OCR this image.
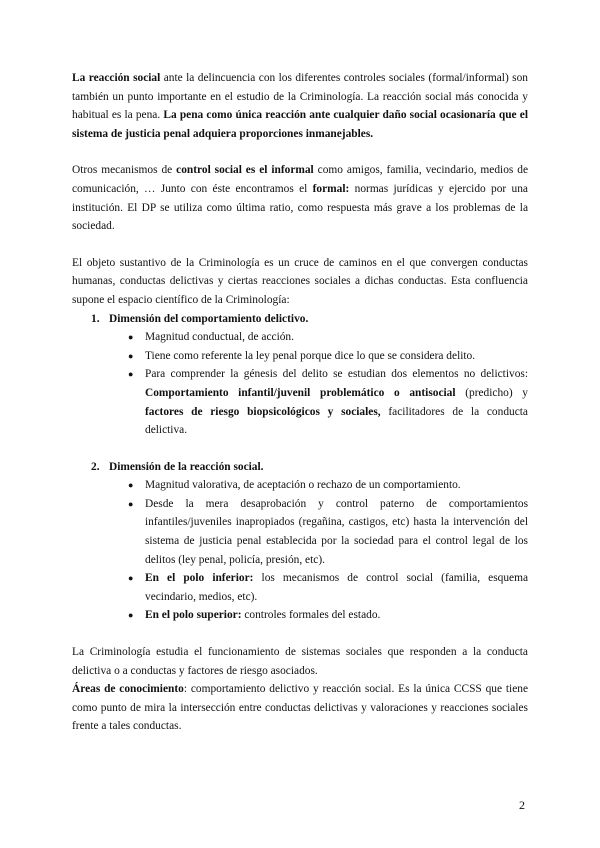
La reacción social ante la delincuencia con los diferentes controles sociales (formal/informal) son también un punto importante en el estudio de la Criminología. La reacción social más conocida y habitual es la pena. La pena como única reacción ante cualquier daño social ocasionaría que el sistema de justicia penal adquiera proporciones inmanejables.

Otros mecanismos de control social es el informal como amigos, familia, vecindario, medios de comunicación, … Junto con éste encontramos el formal: normas jurídicas y ejercido por una institución. El DP se utiliza como última ratio, como respuesta más grave a los problemas de la sociedad.

El objeto sustantivo de la Criminología es un cruce de caminos en el que convergen conductas humanas, conductas delictivas y ciertas reacciones sociales a dichas conductas. Esta confluencia supone el espacio científico de la Criminología:

1. Dimensión del comportamiento delictivo.
● Magnitud conductual, de acción.
● Tiene como referente la ley penal porque dice lo que se considera delito.
● Para comprender la génesis del delito se estudian dos elementos no delictivos: Comportamiento infantil/juvenil problemático o antisocial (predicho) y factores de riesgo biopsicológicos y sociales, facilitadores de la conducta delictiva.
2. Dimensión de la reacción social.
● Magnitud valorativa, de aceptación o rechazo de un comportamiento.
● Desde la mera desaprobación y control paterno de comportamientos infantiles/juveniles inapropiados (regañina, castigos, etc) hasta la intervención del sistema de justicia penal establecida por la sociedad para el control legal de los delitos (ley penal, policía, presión, etc).
● En el polo inferior: los mecanismos de control social (familia, esquema vecindario, medios, etc).
● En el polo superior: controles formales del estado.

La Criminología estudia el funcionamiento de sistemas sociales que responden a la conducta delictiva o a conductas y factores de riesgo asociados.

Áreas de conocimiento: comportamiento delictivo y reacción social. Es la única CCSS que tiene como punto de mira la intersección entre conductas delictivas y valoraciones y reacciones sociales frente a tales conductas.

2
